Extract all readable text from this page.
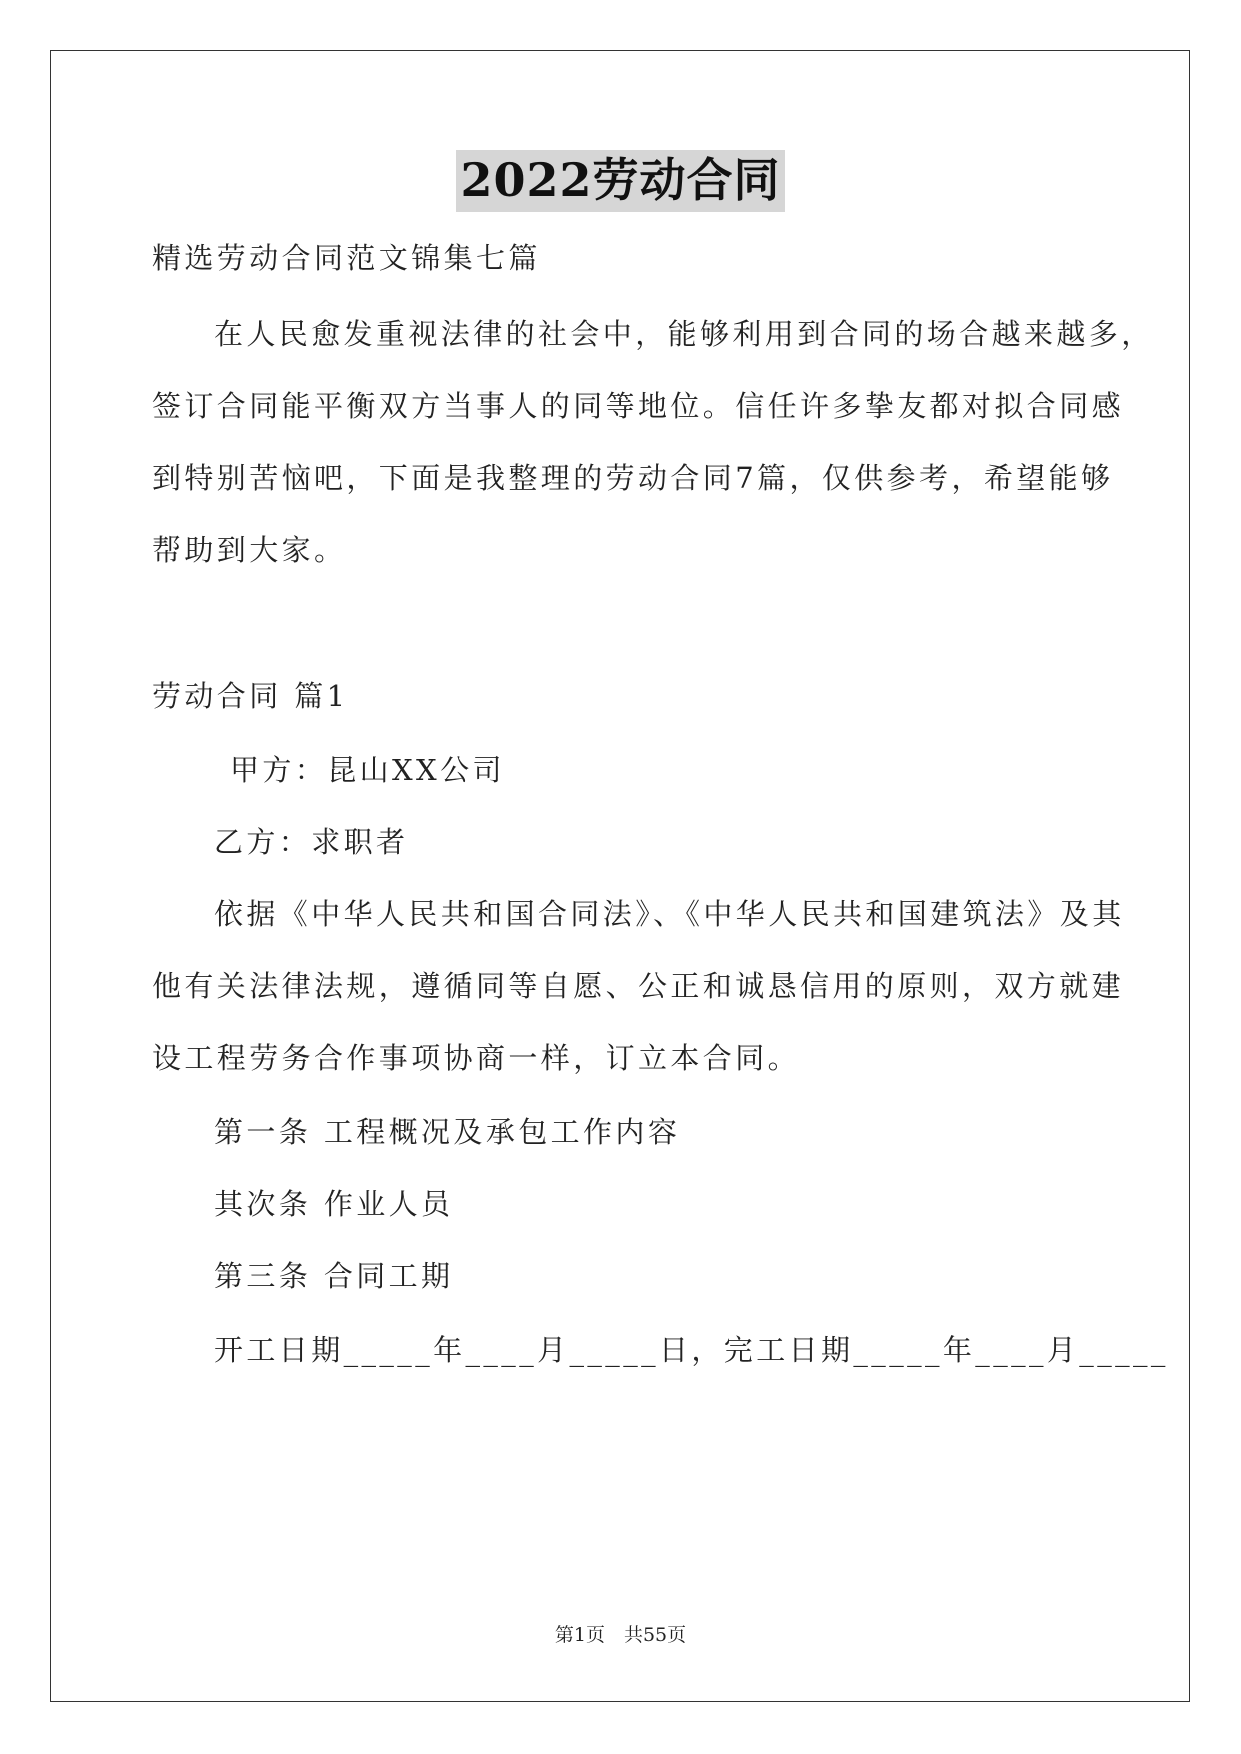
2022劳动合同
精选劳动合同范文锦集七篇
在人民愈发重视法律的社会中，能够利用到合同的场合越来越多，
签订合同能平衡双方当事人的同等地位。信任许多挚友都对拟合同感
到特别苦恼吧，下面是我整理的劳动合同7篇，仅供参考，希望能够
帮助到大家。
劳动合同 篇1
甲方：昆山XX公司
乙方：求职者
依据《中华人民共和国合同法》、《中华人民共和国建筑法》及其
他有关法律法规，遵循同等自愿、公正和诚恳信用的原则，双方就建
设工程劳务合作事项协商一样，订立本合同。
第一条 工程概况及承包工作内容
其次条 作业人员
第三条 合同工期
开工日期_____年____月_____日，完工日期_____年____月_____
第1页　共55页
